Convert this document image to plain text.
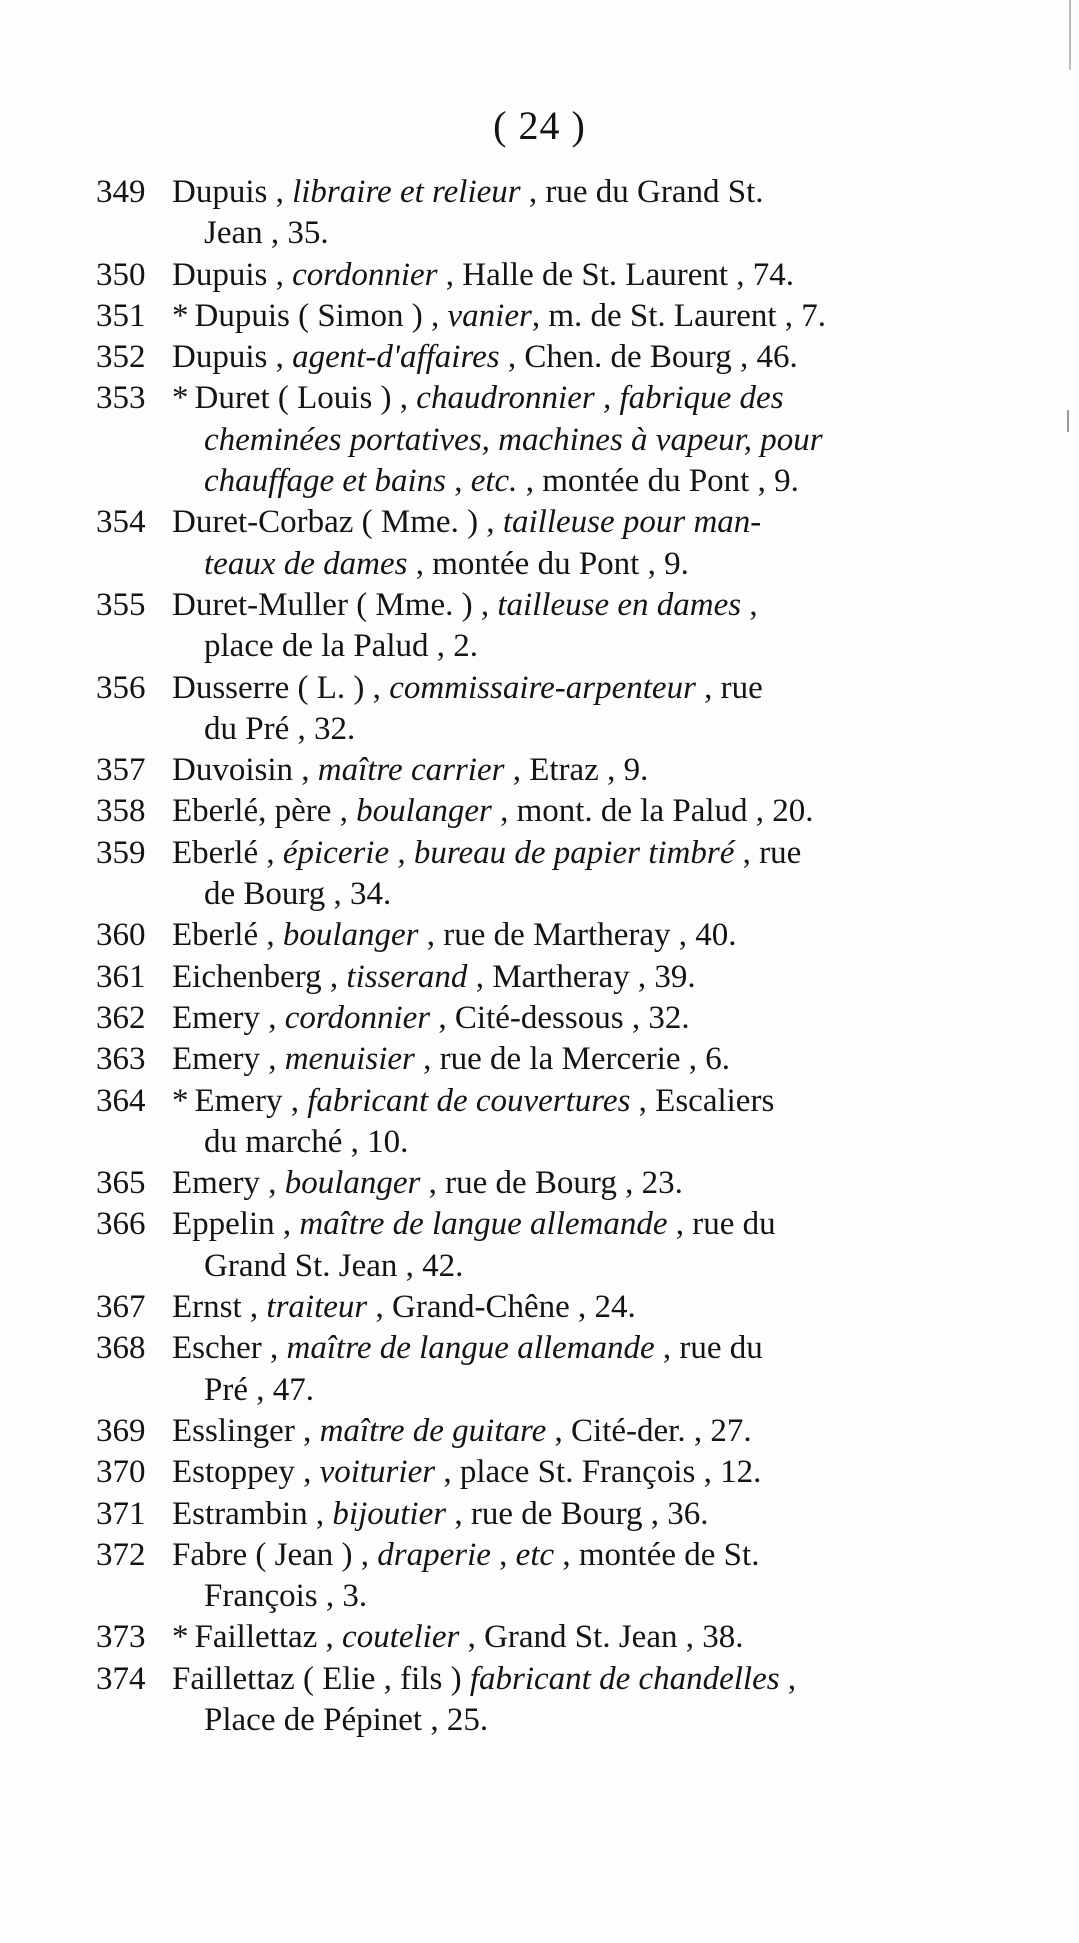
( 24 )
349 Dupuis , libraire et relieur , rue du Grand St.
Jean , 35.
350 Dupuis , cordonnier , Halle de St. Laurent , 74.
351 * Dupuis ( Simon ) , vanier, m. de St. Laurent , 7.
352 Dupuis , agent-d'affaires , Chen. de Bourg , 46.
353 * Duret ( Louis ) , chaudronnier , fabrique des
cheminées portatives, machines à vapeur, pour
chauffage et bains , etc. , montée du Pont , 9.
354 Duret-Corbaz ( Mme. ) , tailleuse pour man-
teaux de dames , montée du Pont , 9.
355 Duret-Muller ( Mme. ) , tailleuse en dames ,
place de la Palud , 2.
356 Dusserre ( L. ) , commissaire-arpenteur , rue
du Pré , 32.
357 Duvoisin , maître carrier , Etraz , 9.
358 Eberlé, père , boulanger , mont. de la Palud , 20.
359 Eberlé , épicerie , bureau de papier timbré , rue
de Bourg , 34.
360 Eberlé , boulanger , rue de Martheray , 40.
361 Eichenberg , tisserand , Martheray , 39.
362 Emery , cordonnier , Cité-dessous , 32.
363 Emery , menuisier , rue de la Mercerie , 6.
364 * Emery , fabricant de couvertures , Escaliers
du marché , 10.
365 Emery , boulanger , rue de Bourg , 23.
366 Eppelin , maître de langue allemande , rue du
Grand St. Jean , 42.
367 Ernst , traiteur , Grand-Chêne , 24.
368 Escher , maître de langue allemande , rue du
Pré , 47.
369 Esslinger , maître de guitare , Cité-der. , 27.
370 Estoppey , voiturier , place St. François , 12.
371 Estrambin , bijoutier , rue de Bourg , 36.
372 Fabre ( Jean ) , draperie , etc , montée de St.
François , 3.
373 * Faillettaz , coutelier , Grand St. Jean , 38.
374 Faillettaz ( Elie , fils ) fabricant de chandelles ,
Place de Pépinet , 25.
